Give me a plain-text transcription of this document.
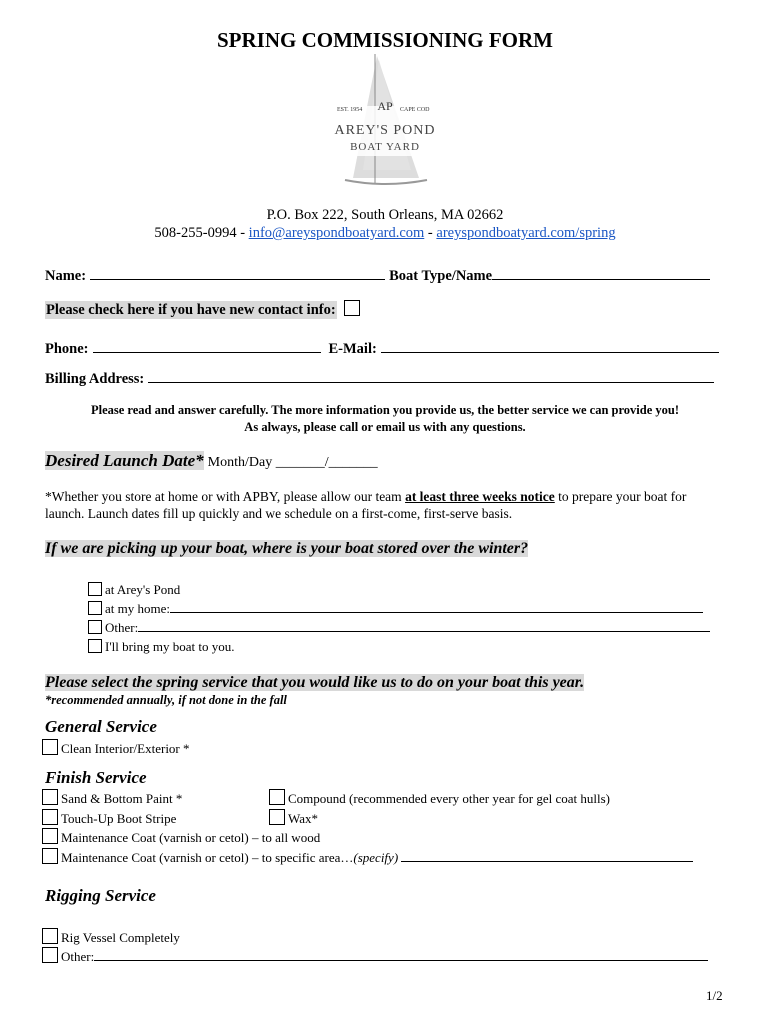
SPRING COMMISSIONING FORM
EST. 1954	CAPE COD
AP
AREY'S POND
BOAT YARD
P.O. Box 222, South Orleans, MA 02662
508-255-0994 - info@areyspondboatyard.com - areyspondboatyard.com/spring
Name:	Boat Type/Name
Please check here if you have new contact info:
Phone:	E-Mail:
Billing Address:
Please read and answer carefully. The more information you provide us, the better service we can provide you!
As always, please call or email us with any questions.
Desired Launch Date* Month/Day _______/_______
*Whether you store at home or with APBY, please allow our team at least three weeks notice to prepare your boat for launch. Launch dates fill up quickly and we schedule on a first-come, first-serve basis.
If we are picking up your boat, where is your boat stored over the winter?
at Arey's Pond
at my home:
Other:
I'll bring my boat to you.
Please select the spring service that you would like us to do on your boat this year.
*recommended annually, if not done in the fall
General Service
Clean Interior/Exterior *
Finish Service
Sand & Bottom Paint *	Compound (recommended every other year for gel coat hulls)
Touch-Up Boot Stripe	Wax*
Maintenance Coat (varnish or cetol) – to all wood
Maintenance Coat (varnish or cetol) – to specific area…(specify)
Rigging Service
Rig Vessel Completely
Other:
1/2
